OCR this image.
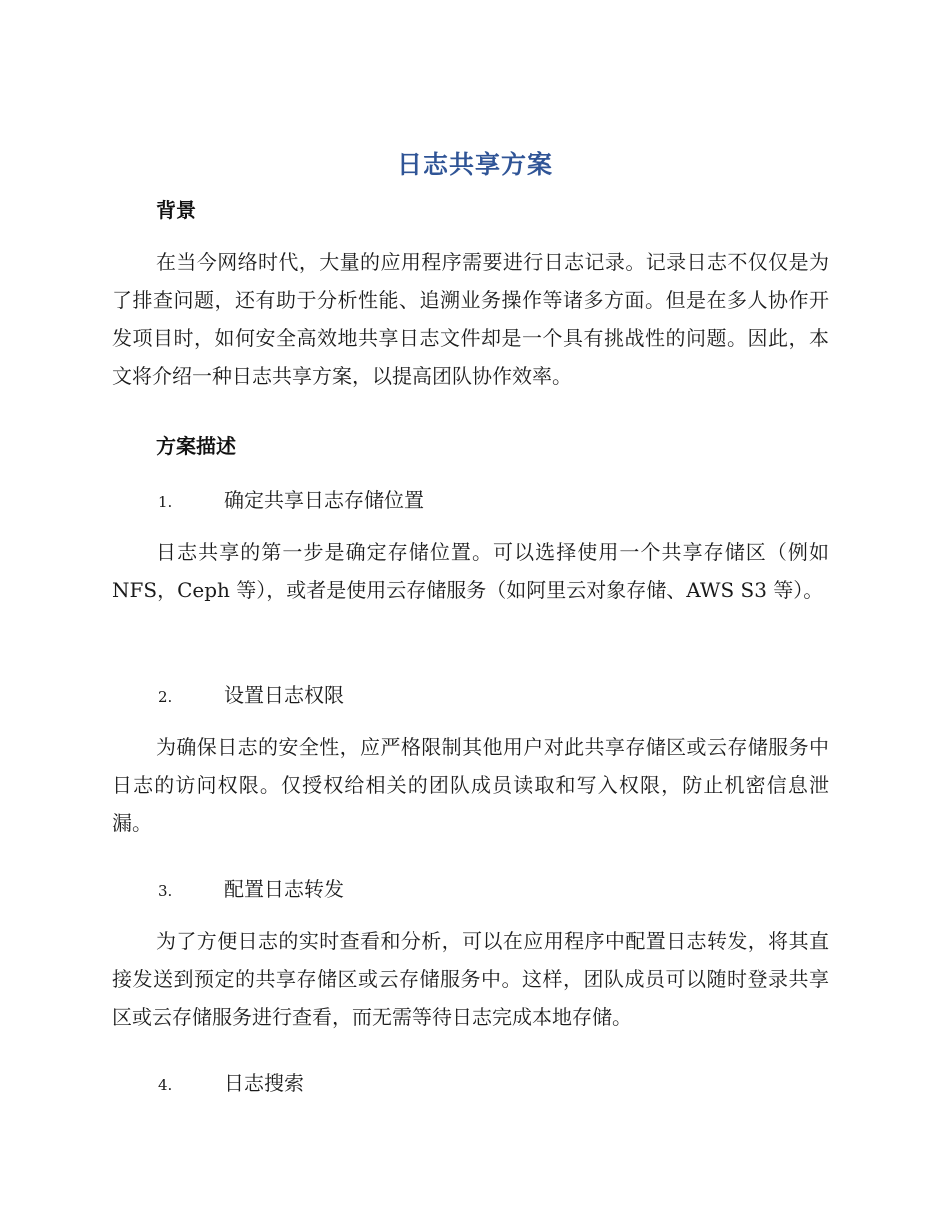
日志共享方案
背景
在当今网络时代，大量的应用程序需要进行日志记录。记录日志不仅仅是为了排查问题，还有助于分析性能、追溯业务操作等诸多方面。但是在多人协作开发项目时，如何安全高效地共享日志文件却是一个具有挑战性的问题。因此，本文将介绍一种日志共享方案，以提高团队协作效率。
方案描述
1.	确定共享日志存储位置
日志共享的第一步是确定存储位置。可以选择使用一个共享存储区（例如 NFS，Ceph 等），或者是使用云存储服务（如阿里云对象存储、AWS S3 等）。
2.	设置日志权限
为确保日志的安全性，应严格限制其他用户对此共享存储区或云存储服务中日志的访问权限。仅授权给相关的团队成员读取和写入权限，防止机密信息泄漏。
3.	配置日志转发
为了方便日志的实时查看和分析，可以在应用程序中配置日志转发，将其直接发送到预定的共享存储区或云存储服务中。这样，团队成员可以随时登录共享区或云存储服务进行查看，而无需等待日志完成本地存储。
4.	日志搜索
